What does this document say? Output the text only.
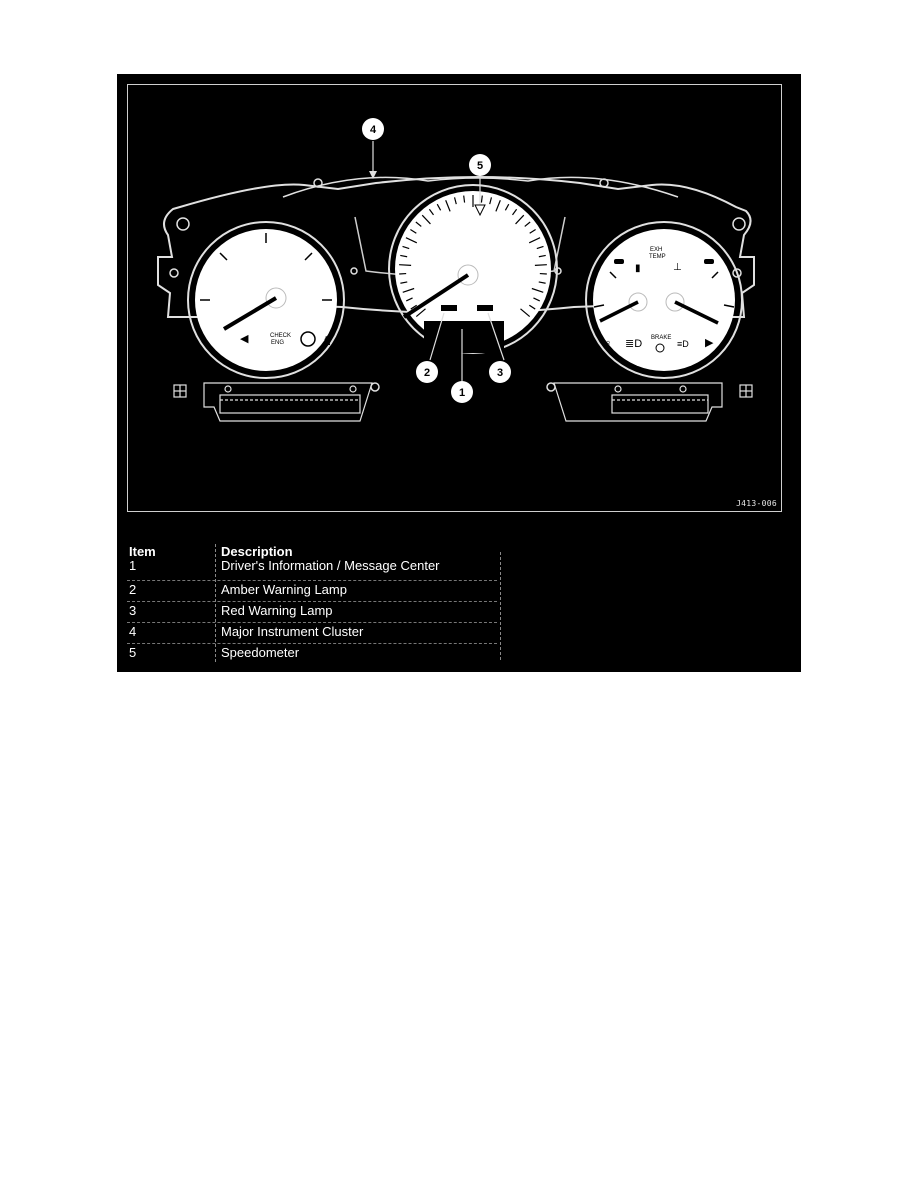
◀	CHECK
ENG	♟
▮
EXH
TEMP
⊥
♀ ≣D BRAKE
≡D ▶
4
5
2	3
1
J413-006
Item	Description
1	Driver's Information / Message Center
2	Amber Warning Lamp
3	Red Warning Lamp
4	Major Instrument Cluster
5	Speedometer
